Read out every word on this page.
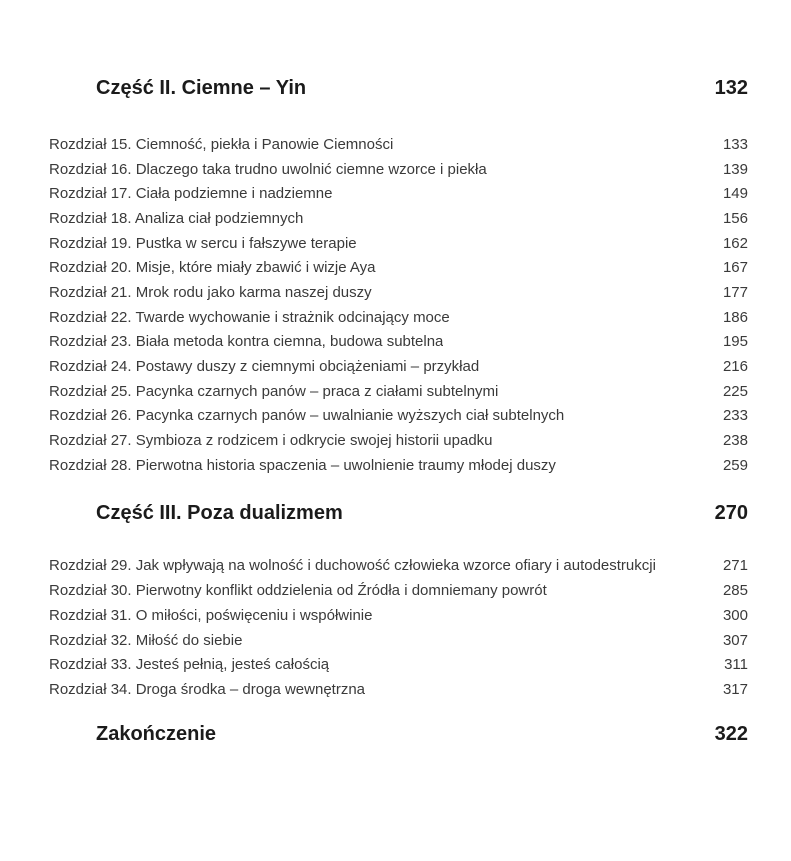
Część II. Ciemne – Yin	132
Rozdział 15. Ciemność, piekła i Panowie Ciemności	133
Rozdział 16. Dlaczego taka trudno uwolnić ciemne wzorce i piekła	139
Rozdział 17. Ciała podziemne i nadziemne	149
Rozdział 18. Analiza ciał podziemnych	156
Rozdział 19. Pustka w sercu i fałszywe terapie	162
Rozdział 20. Misje, które miały zbawić i wizje Aya	167
Rozdział 21. Mrok rodu jako karma naszej duszy	177
Rozdział 22. Twarde wychowanie i strażnik odcinający moce	186
Rozdział 23. Biała metoda kontra ciemna, budowa subtelna	195
Rozdział 24. Postawy duszy z ciemnymi obciążeniami – przykład	216
Rozdział 25. Pacynka czarnych panów – praca z ciałami subtelnymi	225
Rozdział 26. Pacynka czarnych panów – uwalnianie wyższych ciał subtelnych	233
Rozdział 27. Symbioza z rodzicem i odkrycie swojej historii upadku	238
Rozdział 28. Pierwotna historia spaczenia – uwolnienie traumy młodej duszy	259
Część III. Poza dualizmem	270
Rozdział 29. Jak wpływają na wolność i duchowość człowieka wzorce ofiary i autodestrukcji	271
Rozdział 30. Pierwotny konflikt oddzielenia od Źródła i domniemany powrót	285
Rozdział 31. O miłości, poświęceniu i współwinie	300
Rozdział 32. Miłość do siebie	307
Rozdział 33. Jesteś pełnią, jesteś całością	311
Rozdział 34. Droga środka – droga wewnętrzna	317
Zakończenie	322
